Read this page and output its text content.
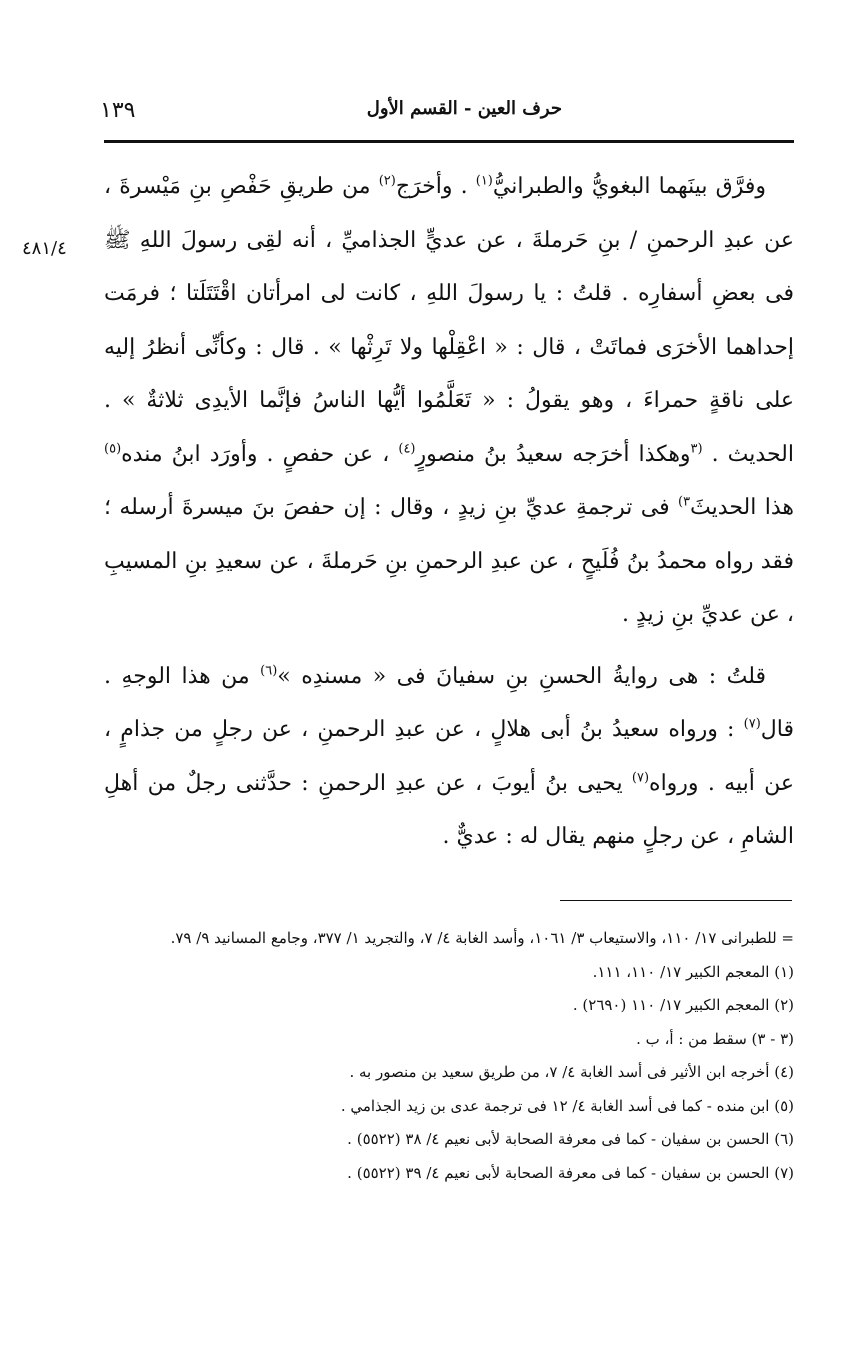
١٣٩	حرف العين - القسم الأول
٤٨١/٤

وفرَّق بينَهما البغويُّ والطبرانيُّ$^{(١)}$ . وأخرَج$^{(٢)}$ من طريقِ حَفْصِ بنِ مَيْسرةَ ، عن عبدِ الرحمنِ / بنِ حَرملةَ ، عن عديٍّ الجذاميِّ ، أنه لقِى رسولَ اللهِ ﷺ فى بعضِ أسفارِه . قلتُ : يا رسولَ اللهِ ، كانت لى امرأتان اقْتَتَلَتا ؛ فرمَت إحداهما الأخرَى فماتَتْ ، قال : « اعْقِلْها ولا تَرِثْها » . قال : وكأنِّى أنظرُ إليه على ناقةٍ حمراءَ ، وهو يقولُ : « تَعَلَّمُوا أيُّها الناسُ فإنَّما الأيدِى ثلاثةٌ » . الحديث . $^{(٣}$وهكذا أخرَجه سعيدُ بنُ منصورٍ$^{(٤)}$ ، عن حفصٍ . وأورَد ابنُ منده$^{(٥)}$ هذا الحديثَ$^{٣)}$ فى ترجمةِ عديِّ بنِ زيدٍ ، وقال : إن حفصَ بنَ ميسرةَ أرسله ؛ فقد رواه محمدُ بنُ فُلَيحٍ ، عن عبدِ الرحمنِ بنِ حَرملةَ ، عن سعيدِ بنِ المسيبِ ، عن عديِّ بنِ زيدٍ .

قلتُ : هى روايةُ الحسنِ بنِ سفيانَ فى « مسندِه »$^{(٦)}$ من هذا الوجهِ . قال$^{(٧)}$ : ورواه سعيدُ بنُ أبى هلالٍ ، عن عبدِ الرحمنِ ، عن رجلٍ من جذامٍ ، عن أبيه . ورواه$^{(٧)}$ يحيى بنُ أيوبَ ، عن عبدِ الرحمنِ : حدَّثنى رجلٌ من أهلِ الشامِ ، عن رجلٍ منهم يقال له : عديٌّ .

= للطبرانى ١٧/ ١١٠، والاستيعاب ٣/ ١٠٦١، وأسد الغابة ٤/ ٧، والتجريد ١/ ٣٧٧، وجامع المسانيد ٩/ ٧٩.

(١) المعجم الكبير ١٧/ ١١٠، ١١١.

(٢) المعجم الكبير ١٧/ ١١٠ (٢٦٩٠) .

(٣ - ٣) سقط من : أ، ب .

(٤) أخرجه ابن الأثير فى أسد الغابة ٤/ ٧، من طريق سعيد بن منصور به .

(٥) ابن منده - كما فى أسد الغابة ٤/ ١٢ فى ترجمة عدى بن زيد الجذامي .

(٦) الحسن بن سفيان - كما فى معرفة الصحابة لأبى نعيم ٤/ ٣٨ (٥٥٢٢) .

(٧) الحسن بن سفيان - كما فى معرفة الصحابة لأبى نعيم ٤/ ٣٩ (٥٥٢٢) .
